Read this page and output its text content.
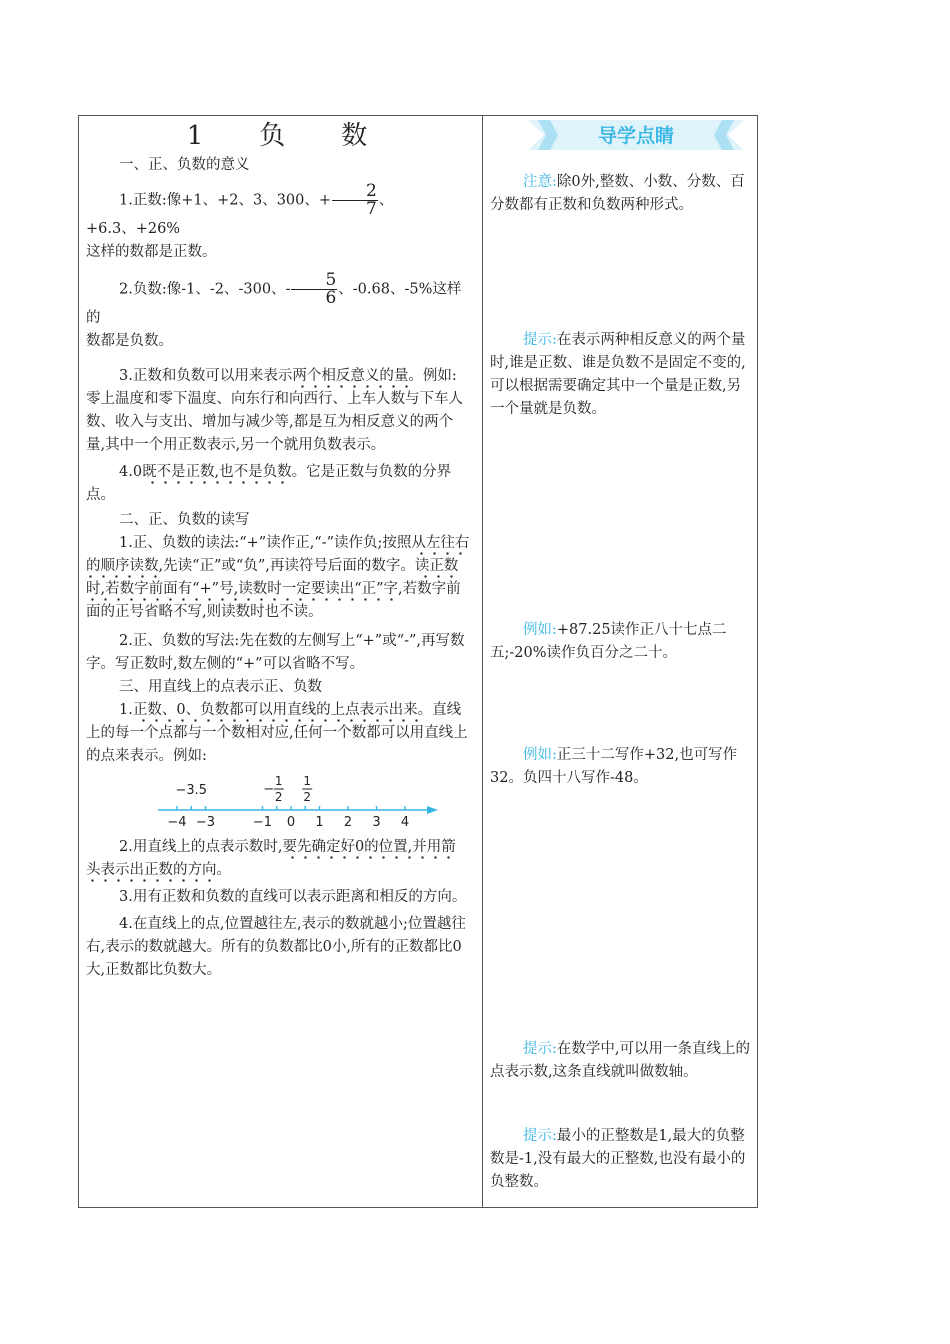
1 负 数

一、正、负数的意义

1.正数:像+1、+2、3、300、+ $\frac{2}{7}$ 、+6.3、+26%

这样的数都是正数。

2.负数:像-1、-2、-300、- $\frac{5}{6}$ 、-0.68、-5%这样的

数都是负数。

3.正数和负数可以用来表示两个相反意义的量。例如:零上温度和零下温度、向东行和向西行、上车人数与下车人数、收入与支出、增加与减少等,都是互为相反意义的两个量,其中一个用正数表示,另一个就用负数表示。

4.0既不是正数,也不是负数。它是正数与负数的分界点。

二、正、负数的读写

1.正、负数的读法:“+”读作正,“-”读作负;按照从左往右的顺序读数,先读“正”或“负”,再读符号后面的数字。读正数时,若数字前面有“+”号,读数时一定要读出“正”字,若数字前面的正号省略不写,则读数时也不读。

2.正、负数的写法:先在数的左侧写上“+”或“-”,再写数字。写正数时,数左侧的“+”可以省略不写。

三、用直线上的点表示正、负数

1.正数、0、负数都可以用直线的上点表示出来。直线上的每一个点都与一个数相对应,任何一个数都可以用直线上的点来表示。例如:

−4 −3	−1 0 1 2 3 4
−3.5	−
1
2
1
2

2.用直线上的点表示数时,要先确定好0的位置,并用箭头表示出正数的方向。

3.用有正数和负数的直线可以表示距离和相反的方向。

4.在直线上的点,位置越往左,表示的数就越小;位置越往右,表示的数就越大。所有的负数都比0小,所有的正数都比0大,正数都比负数大。

导学点睛

注意:除0外,整数、小数、分数、百分数都有正数和负数两种形式。

提示:在表示两种相反意义的两个量时,谁是正数、谁是负数不是固定不变的,可以根据需要确定其中一个量是正数,另一个量就是负数。

例如:+87.25读作正八十七点二五;-20%读作负百分之二十。

例如:正三十二写作+32,也可写作32。负四十八写作-48。

提示:在数学中,可以用一条直线上的点表示数,这条直线就叫做数轴。

提示:最小的正整数是1,最大的负整数是-1,没有最大的正整数,也没有最小的负整数。
